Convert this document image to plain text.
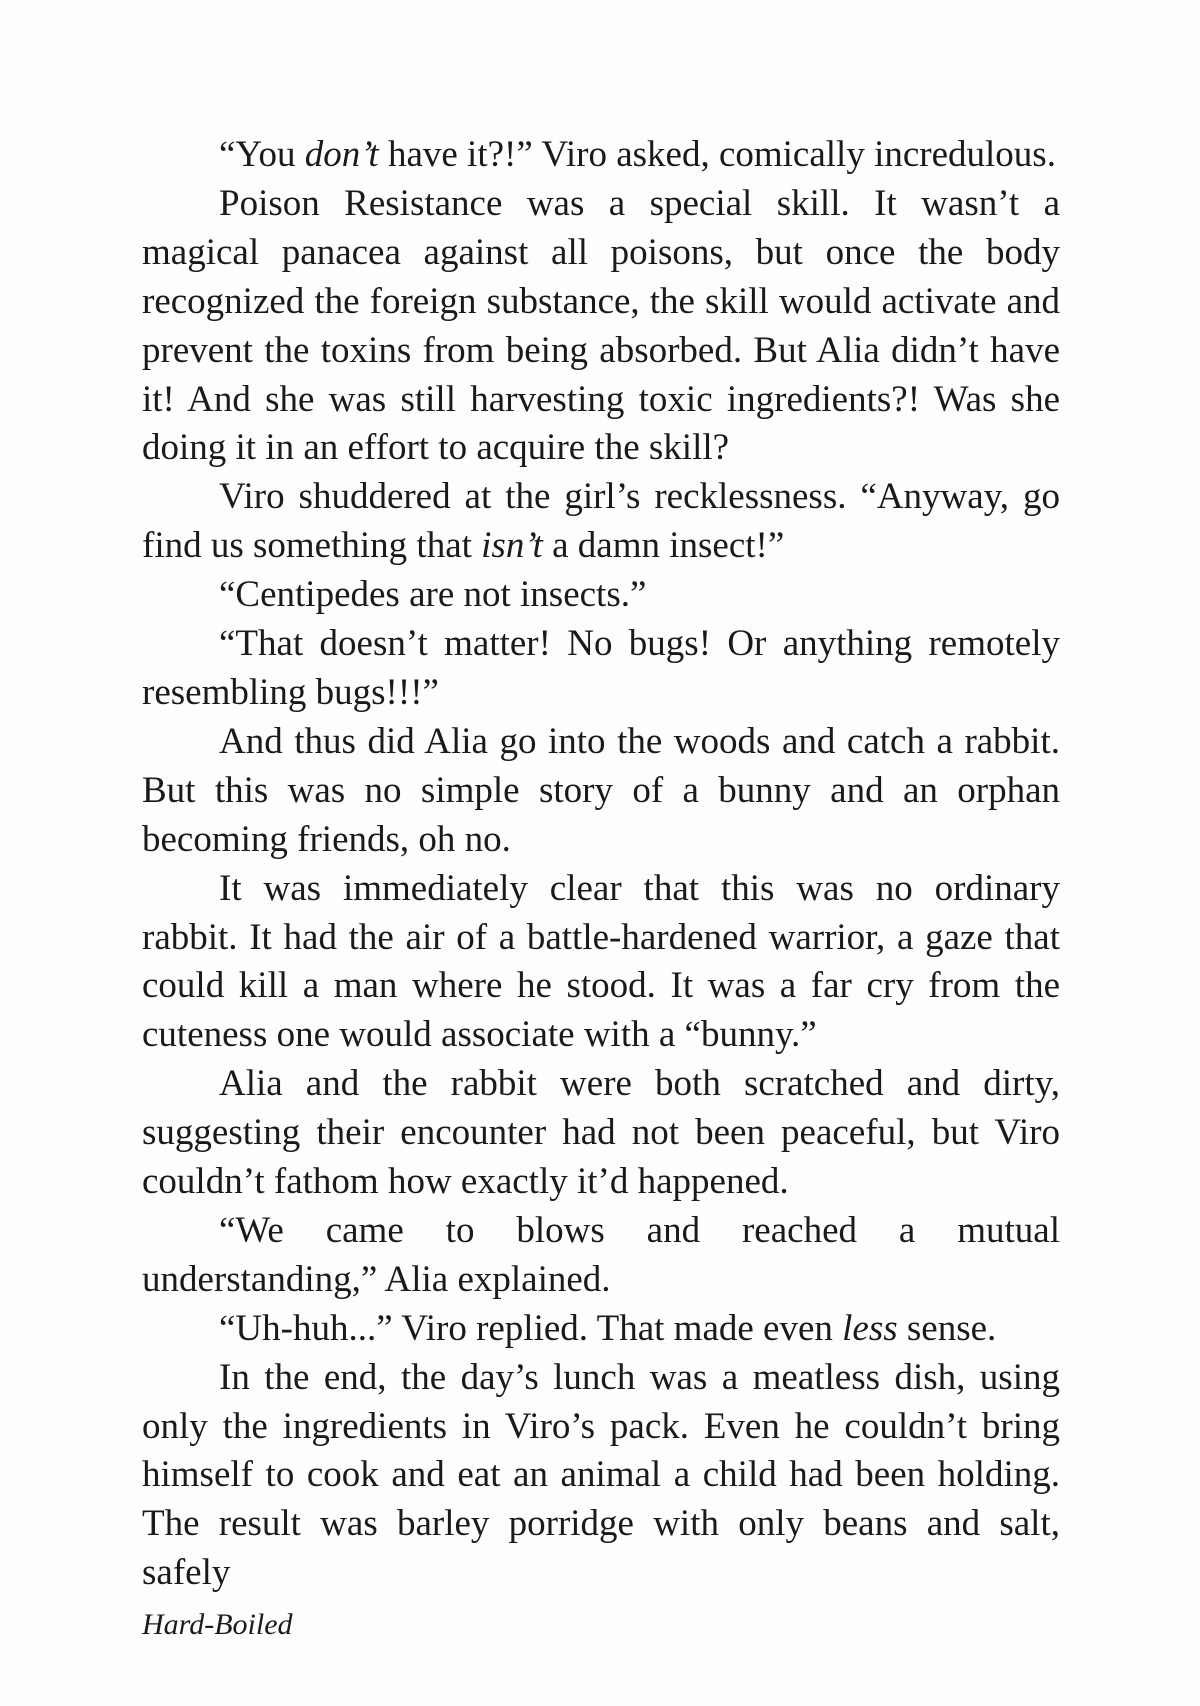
“You don’t have it?!” Viro asked, comically incredulous.

Poison Resistance was a special skill. It wasn’t a magical panacea against all poisons, but once the body recognized the foreign substance, the skill would activate and prevent the toxins from being absorbed. But Alia didn’t have it! And she was still harvesting toxic ingredients?! Was she doing it in an effort to acquire the skill?

Viro shuddered at the girl’s recklessness. “Anyway, go find us something that isn’t a damn insect!”

“Centipedes are not insects.”

“That doesn’t matter! No bugs! Or anything remotely resembling bugs!!!”

And thus did Alia go into the woods and catch a rabbit. But this was no simple story of a bunny and an orphan becoming friends, oh no.

It was immediately clear that this was no ordinary rabbit. It had the air of a battle-hardened warrior, a gaze that could kill a man where he stood. It was a far cry from the cuteness one would associate with a “bunny.”

Alia and the rabbit were both scratched and dirty, suggesting their encounter had not been peaceful, but Viro couldn’t fathom how exactly it’d happened.

“We came to blows and reached a mutual understanding,” Alia explained.

“Uh-huh...” Viro replied. That made even less sense.

In the end, the day’s lunch was a meatless dish, using only the ingredients in Viro’s pack. Even he couldn’t bring himself to cook and eat an animal a child had been holding. The result was barley porridge with only beans and salt, safely

Hard-Boiled
